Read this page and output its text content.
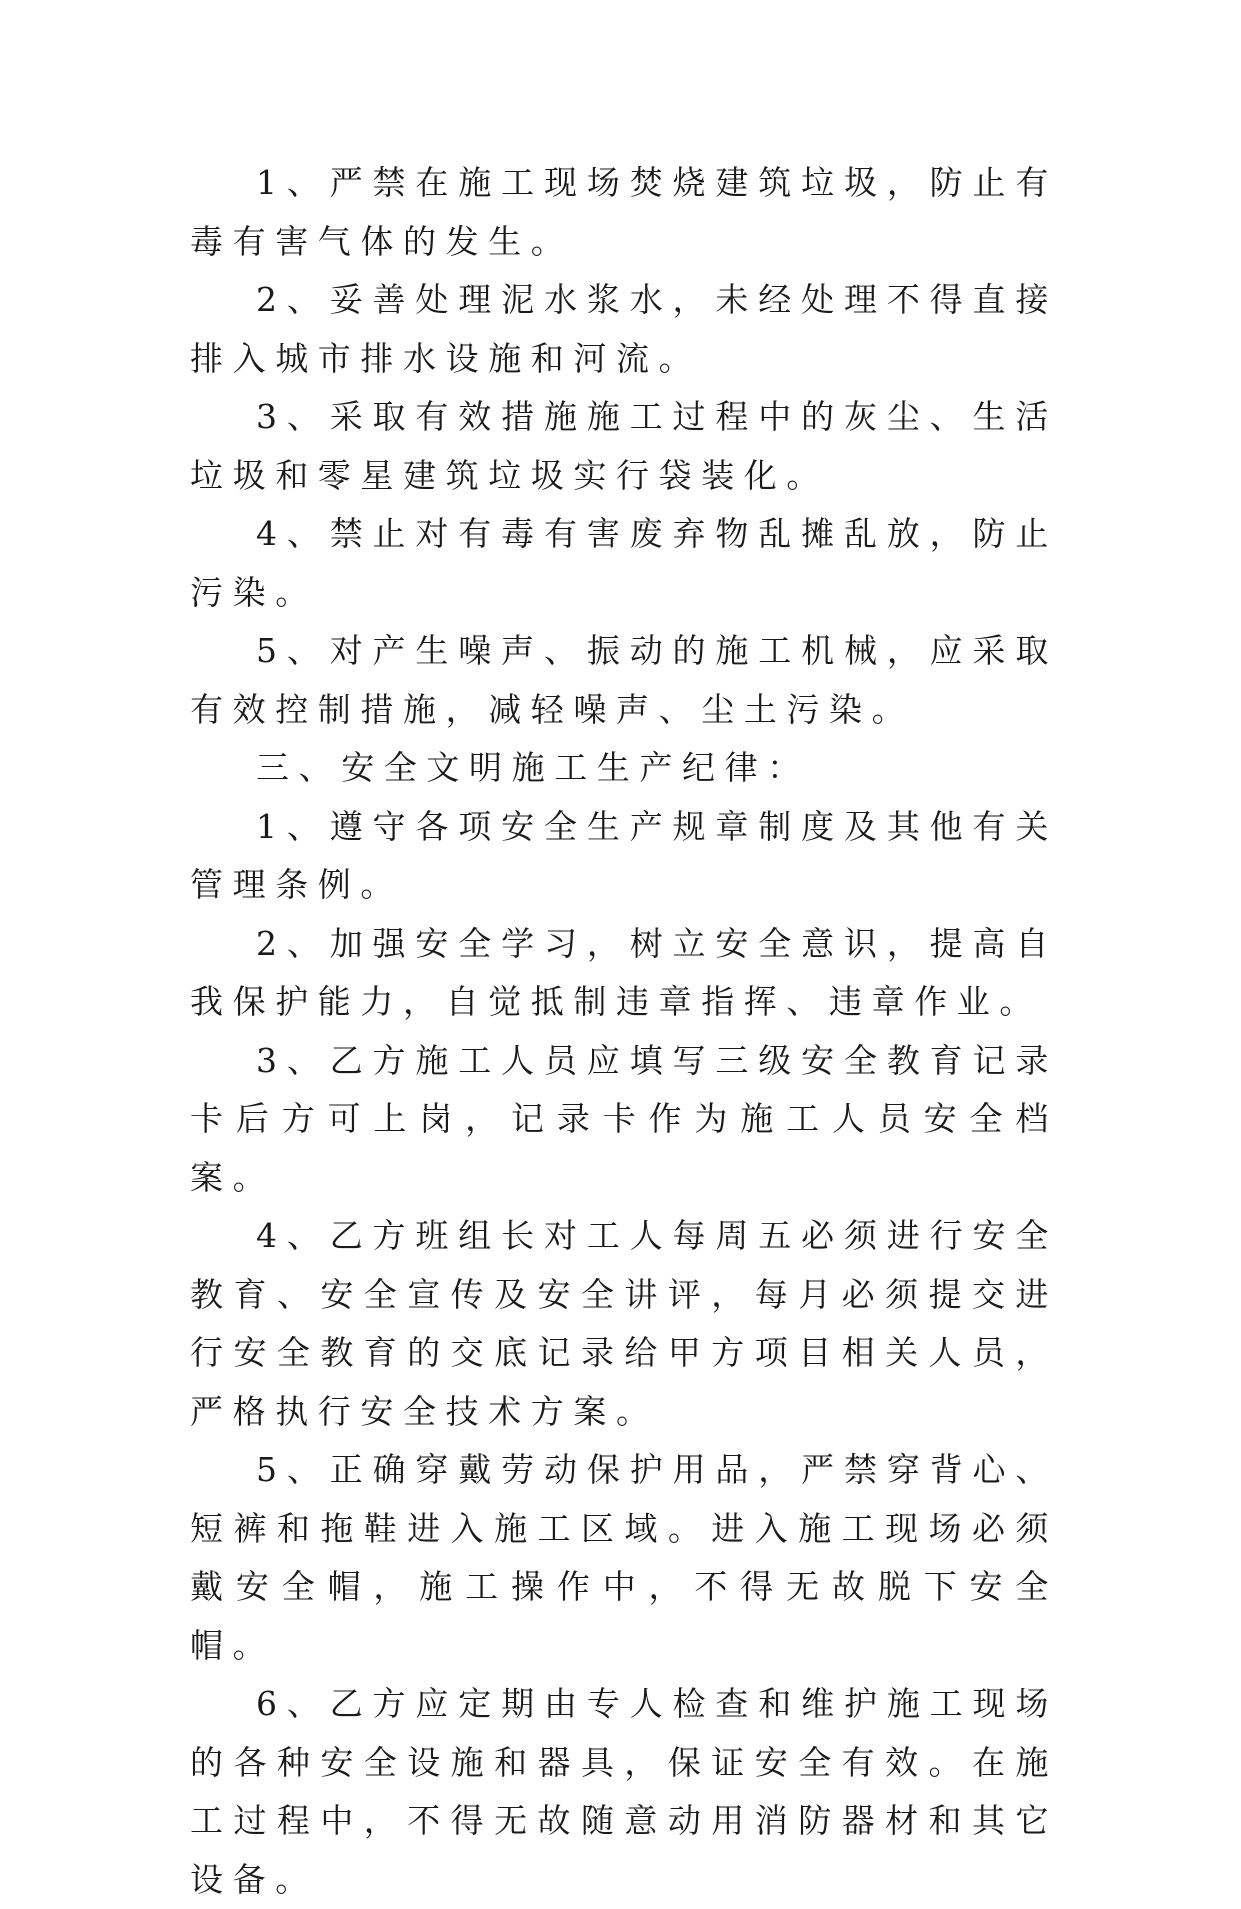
1、严禁在施工现场焚烧建筑垃圾，防止有毒有害气体的发生。

2、妥善处理泥水浆水，未经处理不得直接排入城市排水设施和河流。

3、采取有效措施施工过程中的灰尘、生活垃圾和零星建筑垃圾实行袋装化。

4、禁止对有毒有害废弃物乱摊乱放，防止污染。

5、对产生噪声、振动的施工机械，应采取有效控制措施，减轻噪声、尘土污染。

三、安全文明施工生产纪律：

1、遵守各项安全生产规章制度及其他有关管理条例。

2、加强安全学习，树立安全意识，提高自我保护能力，自觉抵制违章指挥、违章作业。

3、乙方施工人员应填写三级安全教育记录卡后方可上岗，记录卡作为施工人员安全档案。

4、乙方班组长对工人每周五必须进行安全教育、安全宣传及安全讲评，每月必须提交进行安全教育的交底记录给甲方项目相关人员，严格执行安全技术方案。

5、正确穿戴劳动保护用品，严禁穿背心、短裤和拖鞋进入施工区域。进入施工现场必须戴安全帽，施工操作中，不得无故脱下安全帽。

6、乙方应定期由专人检查和维护施工现场的各种安全设施和器具，保证安全有效。在施工过程中，不得无故随意动用消防器材和其它设备。
